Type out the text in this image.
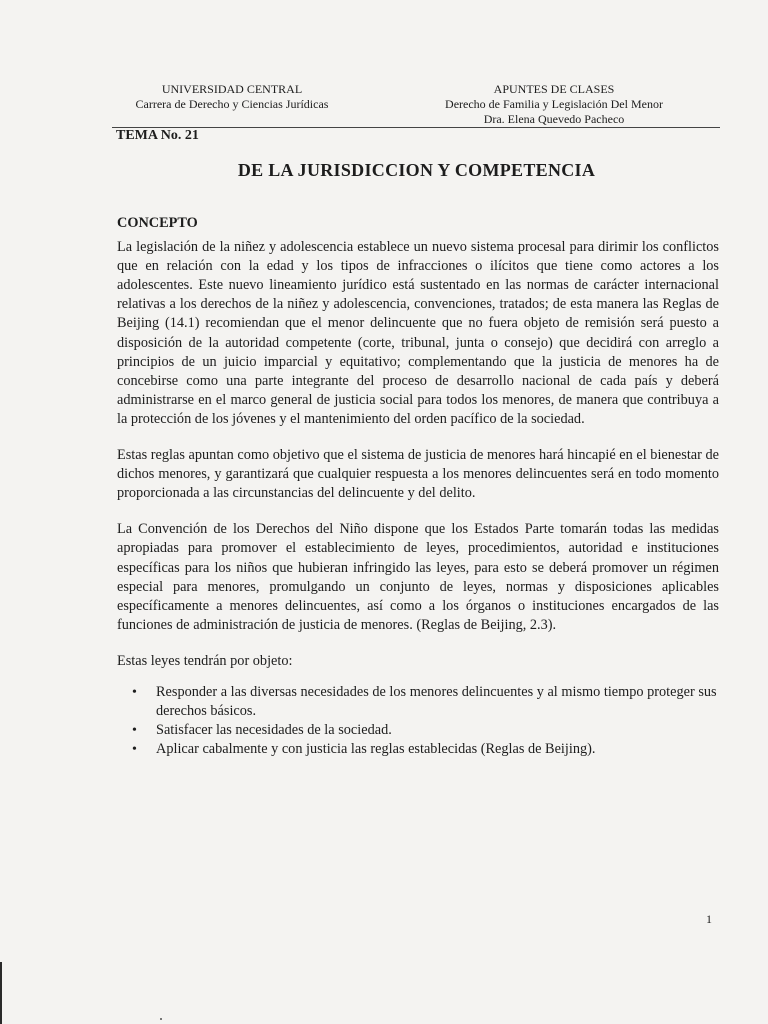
UNIVERSIDAD CENTRAL
Carrera de Derecho y Ciencias Jurídicas
APUNTES DE CLASES
Derecho de Familia y Legislación Del Menor
Dra. Elena Quevedo Pacheco
TEMA No. 21
DE LA JURISDICCION Y COMPETENCIA

CONCEPTO

La legislación de la niñez y adolescencia establece un nuevo sistema procesal para dirimir los conflictos que en relación con la edad y los tipos de infracciones o ilícitos que tiene como actores a los adolescentes. Este nuevo lineamiento jurídico está sustentado en las normas de carácter internacional relativas a los derechos de la niñez y adolescencia, convenciones, tratados; de esta manera las Reglas de Beijing (14.1) recomiendan que el menor delincuente que no fuera objeto de remisión será puesto a disposición de la autoridad competente (corte, tribunal, junta o consejo) que decidirá con arreglo a principios de un juicio imparcial y equitativo; complementando que la justicia de menores ha de concebirse como una parte integrante del proceso de desarrollo nacional de cada país y deberá administrarse en el marco general de justicia social para todos los menores, de manera que contribuya a la protección de los jóvenes y el mantenimiento del orden pacífico de la sociedad.

Estas reglas apuntan como objetivo que el sistema de justicia de menores hará hincapié en el bienestar de dichos menores, y garantizará que cualquier respuesta a los menores delincuentes será en todo momento proporcionada a las circunstancias del delincuente y del delito.

La Convención de los Derechos del Niño dispone que los Estados Parte tomarán todas las medidas apropiadas para promover el establecimiento de leyes, procedimientos, autoridad e instituciones específicas para los niños que hubieran infringido las leyes, para esto se deberá promover un régimen especial para menores, promulgando un conjunto de leyes, normas y disposiciones aplicables específicamente a menores delincuentes, así como a los órganos o instituciones encargados de las funciones de administración de justicia de menores. (Reglas de Beijing, 2.3).

Estas leyes tendrán por objeto:

• Responder a las diversas necesidades de los menores delincuentes y al mismo tiempo proteger sus derechos básicos.
• Satisfacer las necesidades de la sociedad.
• Aplicar cabalmente y con justicia las reglas establecidas (Reglas de Beijing).
1
